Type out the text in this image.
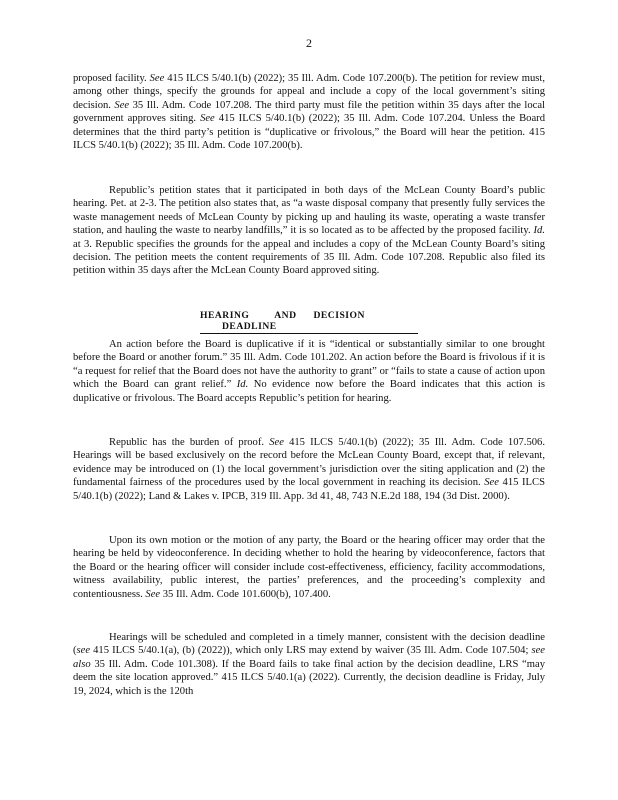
2

proposed facility. See 415 ILCS 5/40.1(b) (2022); 35 Ill. Adm. Code 107.200(b). The petition for review must, among other things, specify the grounds for appeal and include a copy of the local government’s siting decision. See 35 Ill. Adm. Code 107.208. The third party must file the petition within 35 days after the local government approves siting. See 415 ILCS 5/40.1(b) (2022); 35 Ill. Adm. Code 107.204. Unless the Board determines that the third party’s petition is “duplicative or frivolous,” the Board will hear the petition. 415 ILCS 5/40.1(b) (2022); 35 Ill. Adm. Code 107.200(b).

Republic’s petition states that it participated in both days of the McLean County Board’s public hearing. Pet. at 2-3. The petition also states that, as “a waste disposal company that presently fully services the waste management needs of McLean County by picking up and hauling its waste, operating a waste transfer station, and hauling the waste to nearby landfills,” it is so located as to be affected by the proposed facility. Id. at 3. Republic specifies the grounds for the appeal and includes a copy of the McLean County Board’s siting decision. The petition meets the content requirements of 35 Ill. Adm. Code 107.208. Republic also filed its petition within 35 days after the McLean County Board approved siting.

HEARING	AND DECISION DEADLINE

An action before the Board is duplicative if it is “identical or substantially similar to one brought before the Board or another forum.” 35 Ill. Adm. Code 101.202. An action before the Board is frivolous if it is “a request for relief that the Board does not have the authority to grant” or “fails to state a cause of action upon which the Board can grant relief.” Id. No evidence now before the Board indicates that this action is duplicative or frivolous. The Board accepts Republic’s petition for hearing.

Republic has the burden of proof. See 415 ILCS 5/40.1(b) (2022); 35 Ill. Adm. Code 107.506. Hearings will be based exclusively on the record before the McLean County Board, except that, if relevant, evidence may be introduced on (1) the local government’s jurisdiction over the siting application and (2) the fundamental fairness of the procedures used by the local government in reaching its decision. See 415 ILCS 5/40.1(b) (2022); Land & Lakes v. IPCB, 319 Ill. App. 3d 41, 48, 743 N.E.2d 188, 194 (3d Dist. 2000).

Upon its own motion or the motion of any party, the Board or the hearing officer may order that the hearing be held by videoconference. In deciding whether to hold the hearing by videoconference, factors that the Board or the hearing officer will consider include cost-effectiveness, efficiency, facility accommodations, witness availability, public interest, the parties’ preferences, and the proceeding’s complexity and contentiousness. See 35 Ill. Adm. Code 101.600(b), 107.400.

Hearings will be scheduled and completed in a timely manner, consistent with the decision deadline (see 415 ILCS 5/40.1(a), (b) (2022)), which only LRS may extend by waiver (35 Ill. Adm. Code 107.504; see also 35 Ill. Adm. Code 101.308). If the Board fails to take final action by the decision deadline, LRS “may deem the site location approved.” 415 ILCS 5/40.1(a) (2022). Currently, the decision deadline is Friday, July 19, 2024, which is the 120th
